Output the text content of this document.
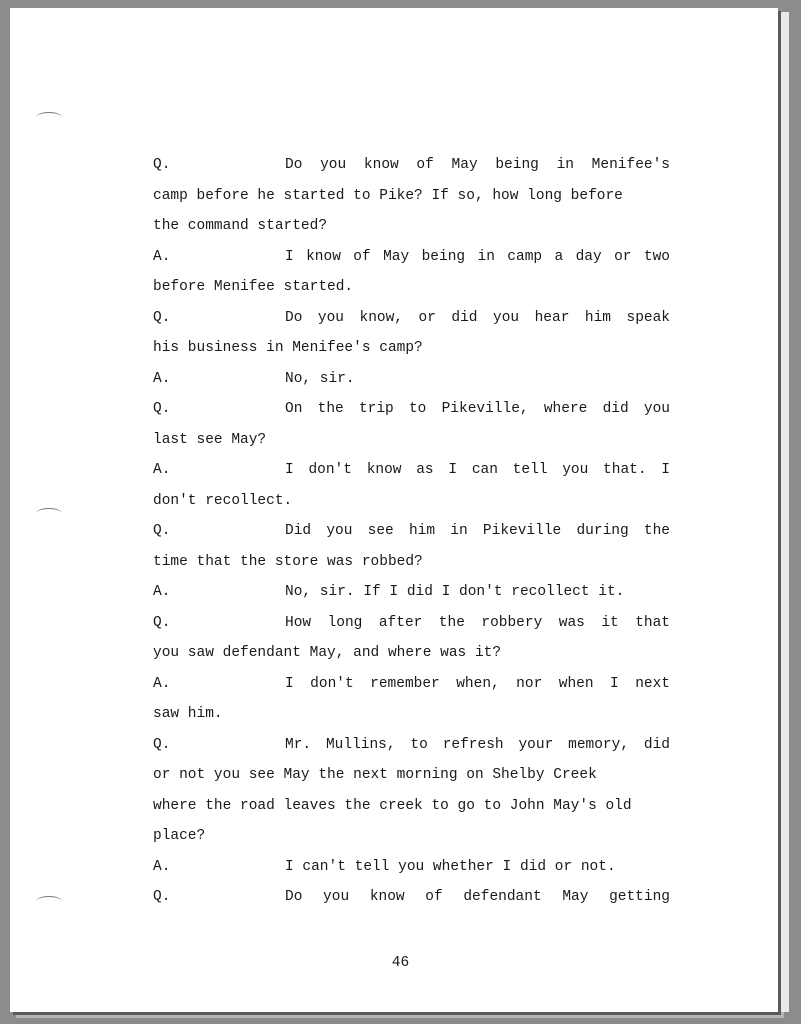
Q.	Do you know of May being in Menifee's
camp before he started to Pike? If so, how long before
the command started?
A.	I know of May being in camp a day or two
before Menifee started.
Q.	Do you know, or did you hear him speak
his business in Menifee's camp?
A.	No, sir.
Q.	On the trip to Pikeville, where did you
last see May?
A.	I don't know as I can tell you that. I
don't recollect.
Q.	Did you see him in Pikeville during the
time that the store was robbed?
A.	No, sir. If I did I don't recollect it.
Q.	How long after the robbery was it that
you saw defendant May, and where was it?
A.	I don't remember when, nor when I next
saw him.
Q.	Mr. Mullins, to refresh your memory, did
or not you see May the next morning on Shelby Creek
where the road leaves the creek to go to John May's old
place?
A.	I can't tell you whether I did or not.
Q.	Do you know of defendant May getting
46
